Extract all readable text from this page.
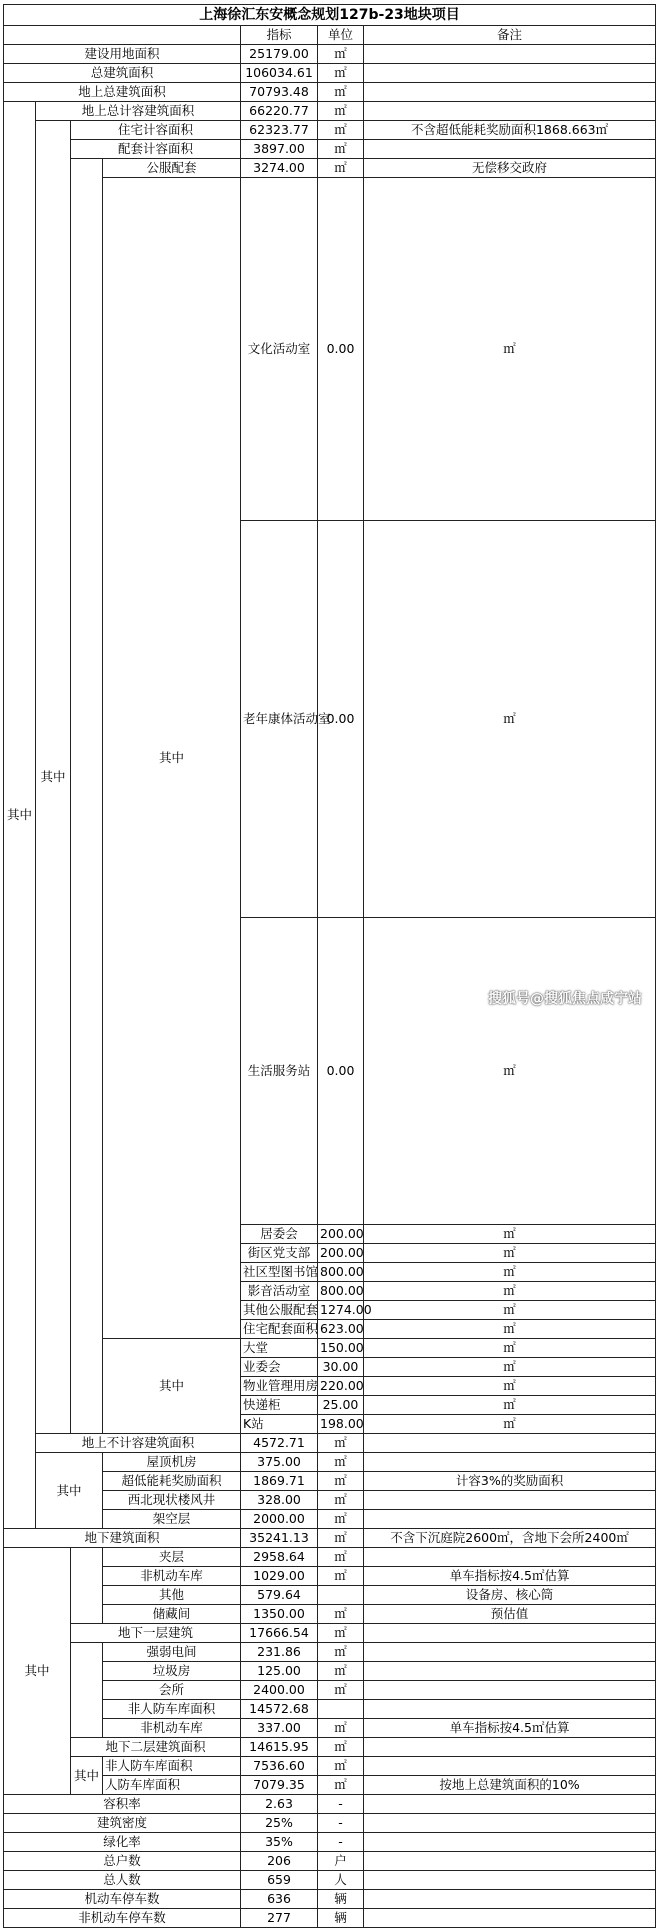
上海徐汇东安概念规划127b-23地块项目							
				指标	单位	备注	
建设用地面积				25179.00	㎡		
总建筑面积				106034.61	㎡		
地上总建筑面积				70793.48	㎡		
其中	地上总计容建筑面积			66220.77	㎡		
	其中	住宅计容面积		62323.77	㎡	不含超低能耗奖励面积1868.663㎡	
		配套计容面积		3897.00	㎡		
			公服配套	3274.00	㎡	无偿移交政府	
			其中	文化活动室	0.00	㎡	
				老年康体活动室	0.00	㎡	
				生活服务站	0.00	㎡	
				居委会	200.00	㎡	
				街区党支部	200.00	㎡	
				社区型图书馆	800.00	㎡	
				影音活动室	800.00	㎡	
				其他公服配套	1274.00	㎡	
				住宅配套面积	623.00	㎡	
			其中	大堂	150.00	㎡	
				业委会	30.00	㎡	
				物业管理用房	220.00	㎡	
				快递柜	25.00	㎡	
				K站	198.00	㎡	
	地上不计容建筑面积			4572.71	㎡		
	其中		屋顶机房	375.00	㎡		
			超低能耗奖励面积	1869.71	㎡	计容3%的奖励面积	
			西北现状楼风井	328.00	㎡		
			架空层	2000.00	㎡		
地下建筑面积				35241.13	㎡	不含下沉庭院2600㎡，含地下会所2400㎡	
其中			夹层	2958.64	㎡		
			非机动车库	1029.00	㎡	单车指标按4.5㎡估算	
			其他	579.64		设备房、核心筒	
			储藏间	1350.00	㎡	预估值	
		地下一层建筑		17666.54	㎡		
			强弱电间	231.86	㎡		
			垃圾房	125.00	㎡		
			会所	2400.00	㎡		
			非人防车库面积	14572.68			
			非机动车库	337.00	㎡	单车指标按4.5㎡估算	
		地下二层建筑面积		14615.95	㎡		
		其中	非人防车库面积	7536.60	㎡		
			人防车库面积	7079.35	㎡	按地上总建筑面积的10%	
容积率				2.63	-		
建筑密度				25%	-		
绿化率				35%	-		
总户数				206	户		
总人数				659	人		
机动车停车数				636	辆		
非机动车停车数				277	辆		
搜狐号@搜狐焦点咸宁站
